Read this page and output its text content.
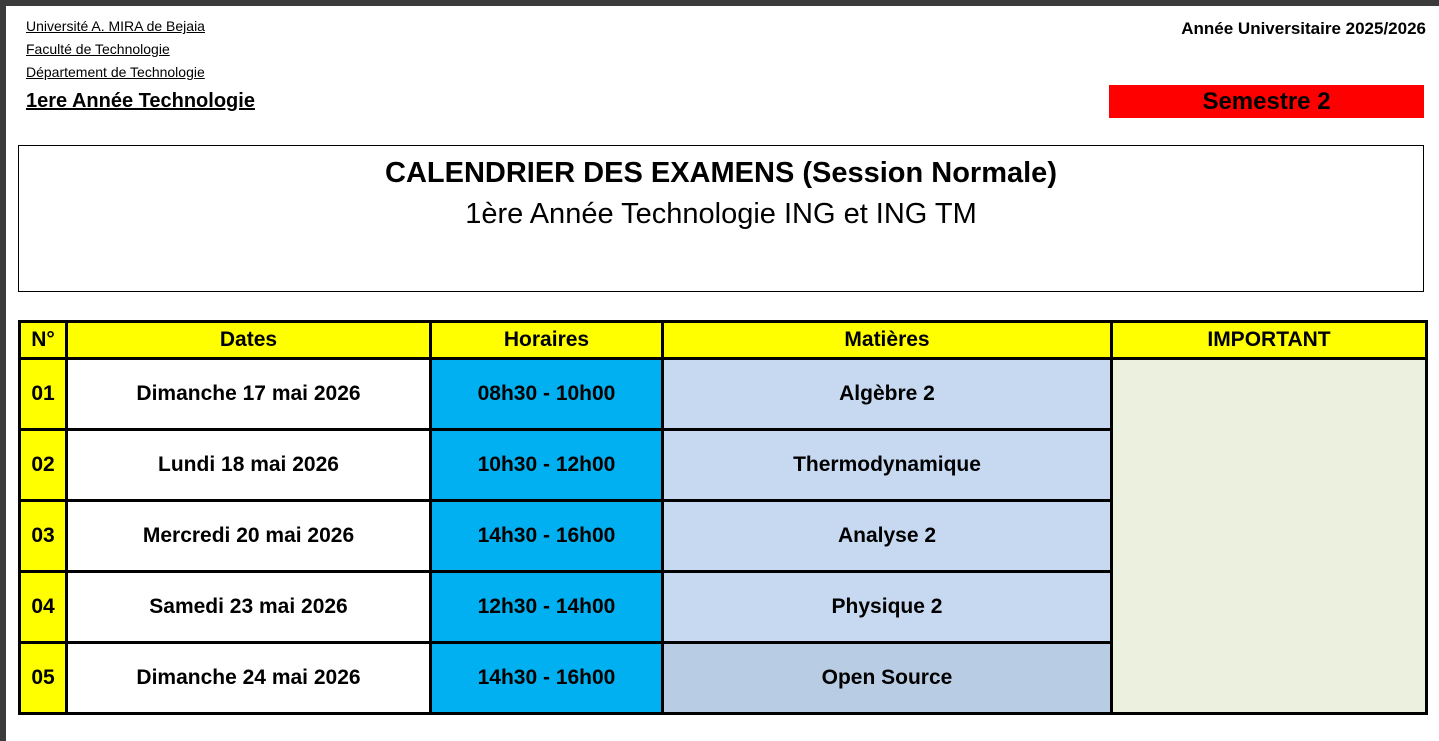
Université A. MIRA de Bejaia
Faculté de Technologie
Département de Technologie
1ere Année Technologie
Année Universitaire 2025/2026
Semestre 2
CALENDRIER DES EXAMENS (Session Normale)
1ère Année Technologie ING et ING TM
N°	Dates	Horaires	Matières	IMPORTANT
01	Dimanche 17 mai 2026	08h30 - 10h00	Algèbre 2	
02	Lundi 18 mai 2026	10h30 - 12h00	Thermodynamique	
03	Mercredi 20 mai 2026	14h30 - 16h00	Analyse 2	
04	Samedi 23 mai 2026	12h30 - 14h00	Physique 2	
05	Dimanche 24 mai 2026	14h30 - 16h00	Open Source	
